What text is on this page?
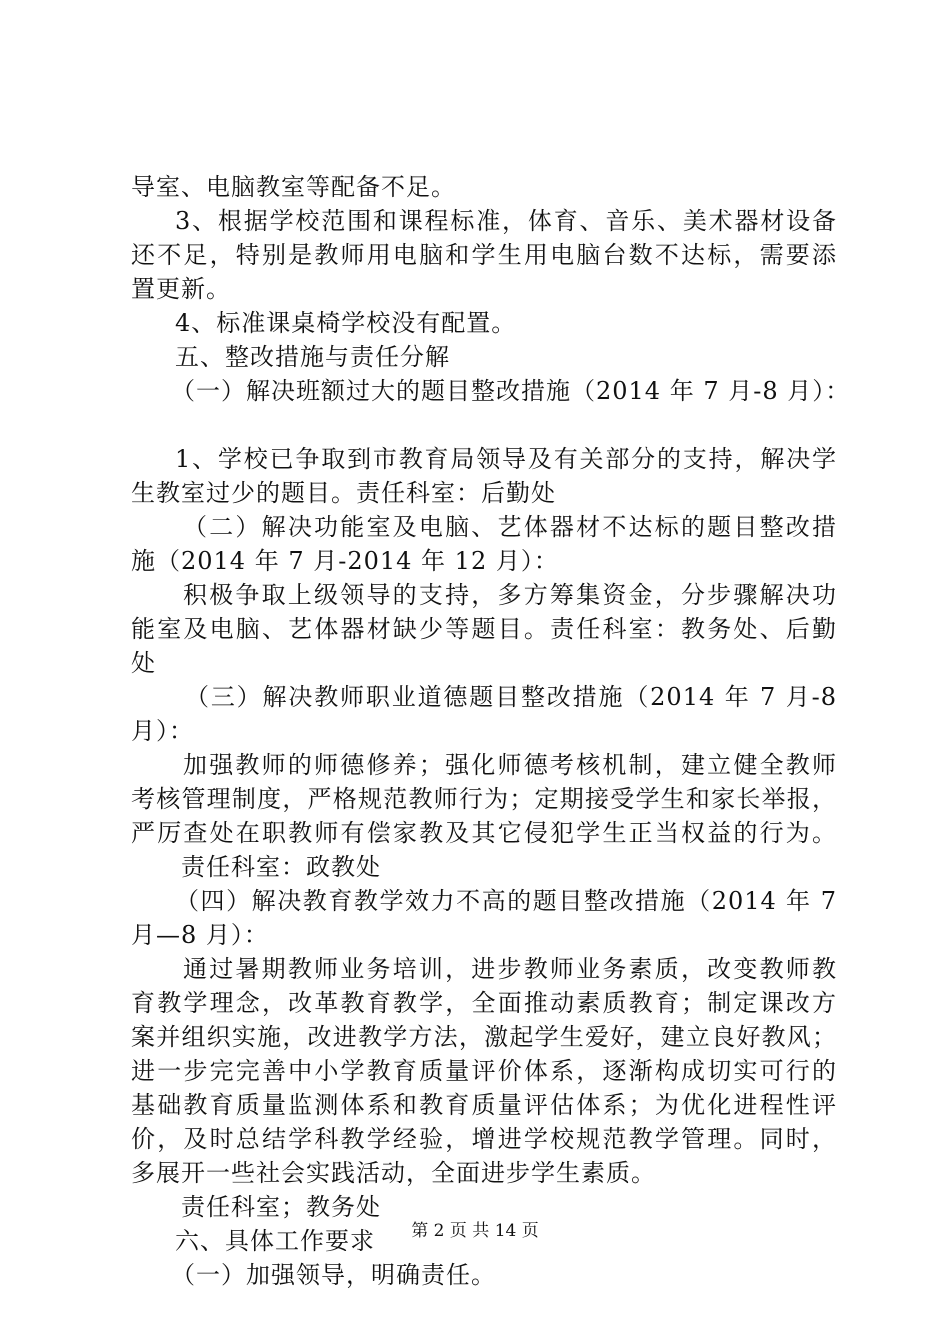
导室、电脑教室等配备不足。
3、根据学校范围和课程标准，体育、音乐、美术器材设备
还不足，特别是教师用电脑和学生用电脑台数不达标，需要添
置更新。
4、标准课桌椅学校没有配置。
五、整改措施与责任分解
（一）解决班额过大的题目整改措施（2014 年 7 月-8 月）：
1、学校已争取到市教育局领导及有关部分的支持，解决学
生教室过少的题目。责任科室：后勤处
（二）解决功能室及电脑、艺体器材不达标的题目整改措
施（2014 年 7 月-2014 年 12 月）：
积极争取上级领导的支持，多方筹集资金，分步骤解决功
能室及电脑、艺体器材缺少等题目。责任科室：教务处、后勤
处
（三）解决教师职业道德题目整改措施（2014 年 7 月-8
月）：
加强教师的师德修养；强化师德考核机制，建立健全教师
考核管理制度，严格规范教师行为；定期接受学生和家长举报，
严厉查处在职教师有偿家教及其它侵犯学生正当权益的行为。
责任科室：政教处
（四）解决教育教学效力不高的题目整改措施（2014 年 7
月—8 月）：
通过暑期教师业务培训，进步教师业务素质，改变教师教
育教学理念，改革教育教学，全面推动素质教育；制定课改方
案并组织实施，改进教学方法，激起学生爱好，建立良好教风；
进一步完完善中小学教育质量评价体系，逐渐构成切实可行的
基础教育质量监测体系和教育质量评估体系；为优化进程性评
价，及时总结学科教学经验，增进学校规范教学管理。同时，
多展开一些社会实践活动，全面进步学生素质。
责任科室；教务处
六、具体工作要求
（一）加强领导，明确责任。
第 2 页 共 14 页
